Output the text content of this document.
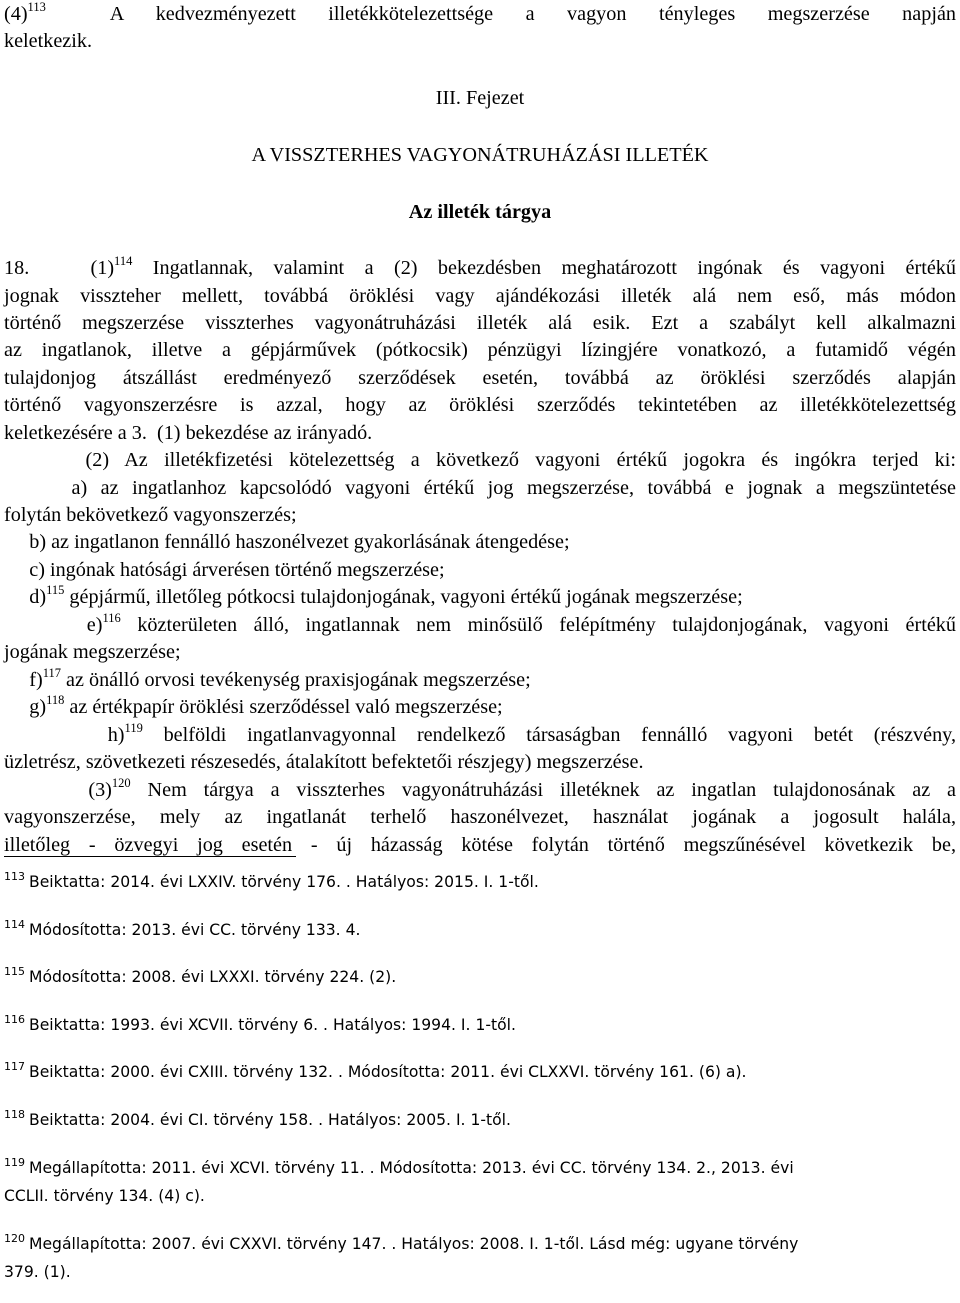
$(4)^{113}$  A kedvezményezett illetékkötelezettsége a vagyon tényleges megszerzése napján
keletkezik.
III. Fejezet
A VISSZTERHES VAGYONÁTRUHÁZÁSI ILLETÉK
Az illeték tárgya
18.   $(1)^{114}$ Ingatlannak, valamint a (2) bekezdésben meghatározott ingónak és vagyoni értékű
jognak visszteher mellett, továbbá öröklési vagy ajándékozási illeték alá nem eső, más módon
történő megszerzése visszterhes vagyonátruházási illeték alá esik. Ezt a szabályt kell alkalmazni
az ingatlanok, illetve a gépjárművek (pótkocsik) pénzügyi lízingjére vonatkozó, a futamidő végén
tulajdonjog átszállást eredményező szerződések esetén, továbbá az öröklési szerződés alapján
történő vagyonszerzésre is azzal, hogy az öröklési szerződés tekintetében az illetékkötelezettség
keletkezésére a 3.  (1) bekezdése az irányadó.
(2) Az illetékfizetési kötelezettség a következő vagyoni értékű jogokra és ingókra terjed ki:
a) az ingatlanhoz kapcsolódó vagyoni értékű jog megszerzése, továbbá e jognak a megszüntetése
folytán bekövetkező vagyonszerzés;
b) az ingatlanon fennálló haszonélvezet gyakorlásának átengedése;
c) ingónak hatósági árverésen történő megszerzése;
d)$^{115}$ gépjármű, illetőleg pótkocsi tulajdonjogának, vagyoni értékű jogának megszerzése;
e)$^{116}$ közterületen álló, ingatlannak nem minősülő felépítmény tulajdonjogának, vagyoni értékű
jogának megszerzése;
f)$^{117}$ az önálló orvosi tevékenység praxisjogának megszerzése;
g)$^{118}$ az értékpapír öröklési szerződéssel való megszerzése;
h)$^{119}$ belföldi ingatlanvagyonnal rendelkező társaságban fennálló vagyoni betét (részvény,
üzletrész, szövetkezeti részesedés, átalakított befektetői részjegy) megszerzése.
$(3)^{120}$ Nem tárgya a visszterhes vagyonátruházási illetéknek az ingatlan tulajdonosának az a
vagyonszerzése, mely az ingatlanát terhelő haszonélvezet, használat jogának a jogosult halála,
illetőleg - özvegyi jog esetén - új házasság kötése folytán történő megszűnésével következik be,
$^{113}$ Beiktatta: 2014. évi LXXIV. törvény 176. . Hatályos: 2015. I. 1-től.
$^{114}$ Módosította: 2013. évi CC. törvény 133. 4.
$^{115}$ Módosította: 2008. évi LXXXI. törvény 224. (2).
$^{116}$ Beiktatta: 1993. évi XCVII. törvény 6. . Hatályos: 1994. I. 1-től.
$^{117}$ Beiktatta: 2000. évi CXIII. törvény 132. . Módosította: 2011. évi CLXXVI. törvény 161. (6) a).
$^{118}$ Beiktatta: 2004. évi CI. törvény 158. . Hatályos: 2005. I. 1-től.
$^{119}$ Megállapította: 2011. évi XCVI. törvény 11. . Módosította: 2013. évi CC. törvény 134. 2., 2013. évi
CCLII. törvény 134. (4) c).
$^{120}$ Megállapította: 2007. évi CXXVI. törvény 147. . Hatályos: 2008. I. 1-től. Lásd még: ugyane törvény
379. (1).
